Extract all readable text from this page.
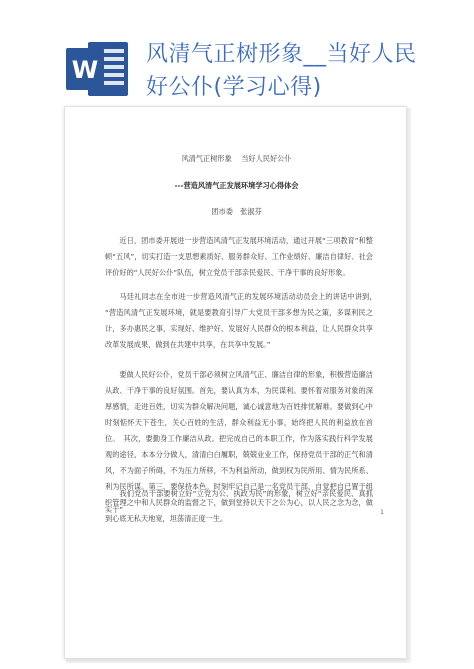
W
风清气正树形象__当好人民
好公仆(学习心得)
风清气正树形象　 当好人民好公仆
---营造风清气正发展环境学习心得体会
团市委　张淑芬
近日，团市委开展进一步营造风清气正发展环境活动，通过开展“三项教育”和整顿“五风”，切实打造一支思想素质好、服务群众好、工作业绩好、廉洁自律好、社会评价好的“人民好公仆”队伍，树立党员干部亲民爱民、干净干事的良好形象。
马廷礼同志在全市进一步营造风清气正的发展环境活动动员会上的讲话中讲到，　“营造风清气正发展环境，就是要教育引导广大党员干部多想为民之策，多谋利民之计，多办惠民之事，实现好、维护好、发展好人民群众的根本利益，让人民群众共享改革发展成果，做到在共建中共享，在共享中发展。”
要做人民好公仆，党员干部必须树立风清气正、廉洁自律的形象，积极营造廉洁从政、干净干事的良好氛围。首先，要认真为本，为民谋利。要怀着对服务对象的深厚感情，走进百姓，切实为群众解决问题，诚心诚意地为百姓排忧解难。要做到心中时刻惦怀天下苍生，关心百姓的生活，群众利益无小事，始终把人民的利益放在首位。　其次，要勤身工作廉洁从政。把完成自己的本职工作，作为落实践行科学发展观的途径，本本分分做人，清清白白履职，兢兢业业工作，保持党员干部的正气和清风，不为面子所碍，不为压力所移，不为利益所动，做到权为民所用、情为民所系、利为民所谋。第三，要保持本色。时刻牢记自己是一名党员干部，自觉把自已置于组织管理之中和人民群众的监督之下，做到堂持以天下之公为心，以人民之念为念，做到心底无私天地宽，坦荡清正度一生。
我们党员干部要树立好“立党为公、执政为民”的形象，树立好“亲民爱民、真抓实干”	1
